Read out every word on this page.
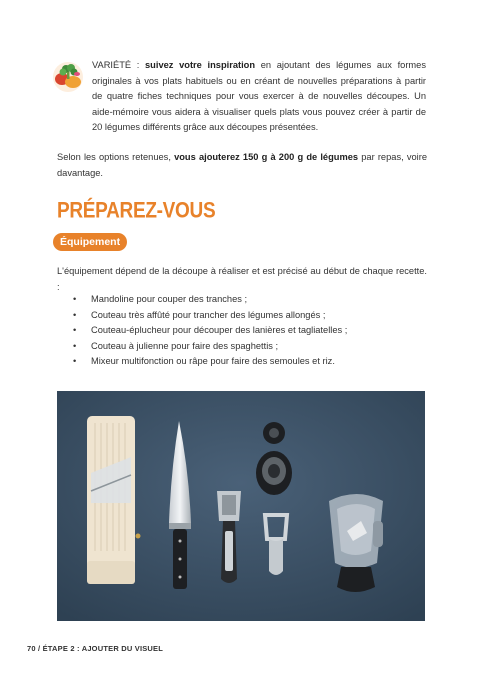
VARIÉTÉ : suivez votre inspiration en ajoutant des légumes aux formes originales à vos plats habituels ou en créant de nouvelles préparations à partir de quatre fiches techniques pour vous exercer à de nouvelles découpes. Un aide-mémoire vous aidera à visualiser quels plats vous pouvez créer à partir de 20 légumes différents grâce aux découpes présentées.
Selon les options retenues, vous ajouterez 150 g à 200 g de légumes par repas, voire davantage.
PRÉPAREZ-VOUS
Équipement
L'équipement dépend de la découpe à réaliser et est précisé au début de chaque recette. :
• Mandoline pour couper des tranches ;
• Couteau très affûté pour trancher des légumes allongés ;
• Couteau-éplucheur pour découper des lanières et tagliatelles ;
• Couteau à julienne pour faire des spaghettis ;
• Mixeur multifonction ou râpe pour faire des semoules et riz.
70 / ÉTAPE 2 : AJOUTER DU VISUEL
